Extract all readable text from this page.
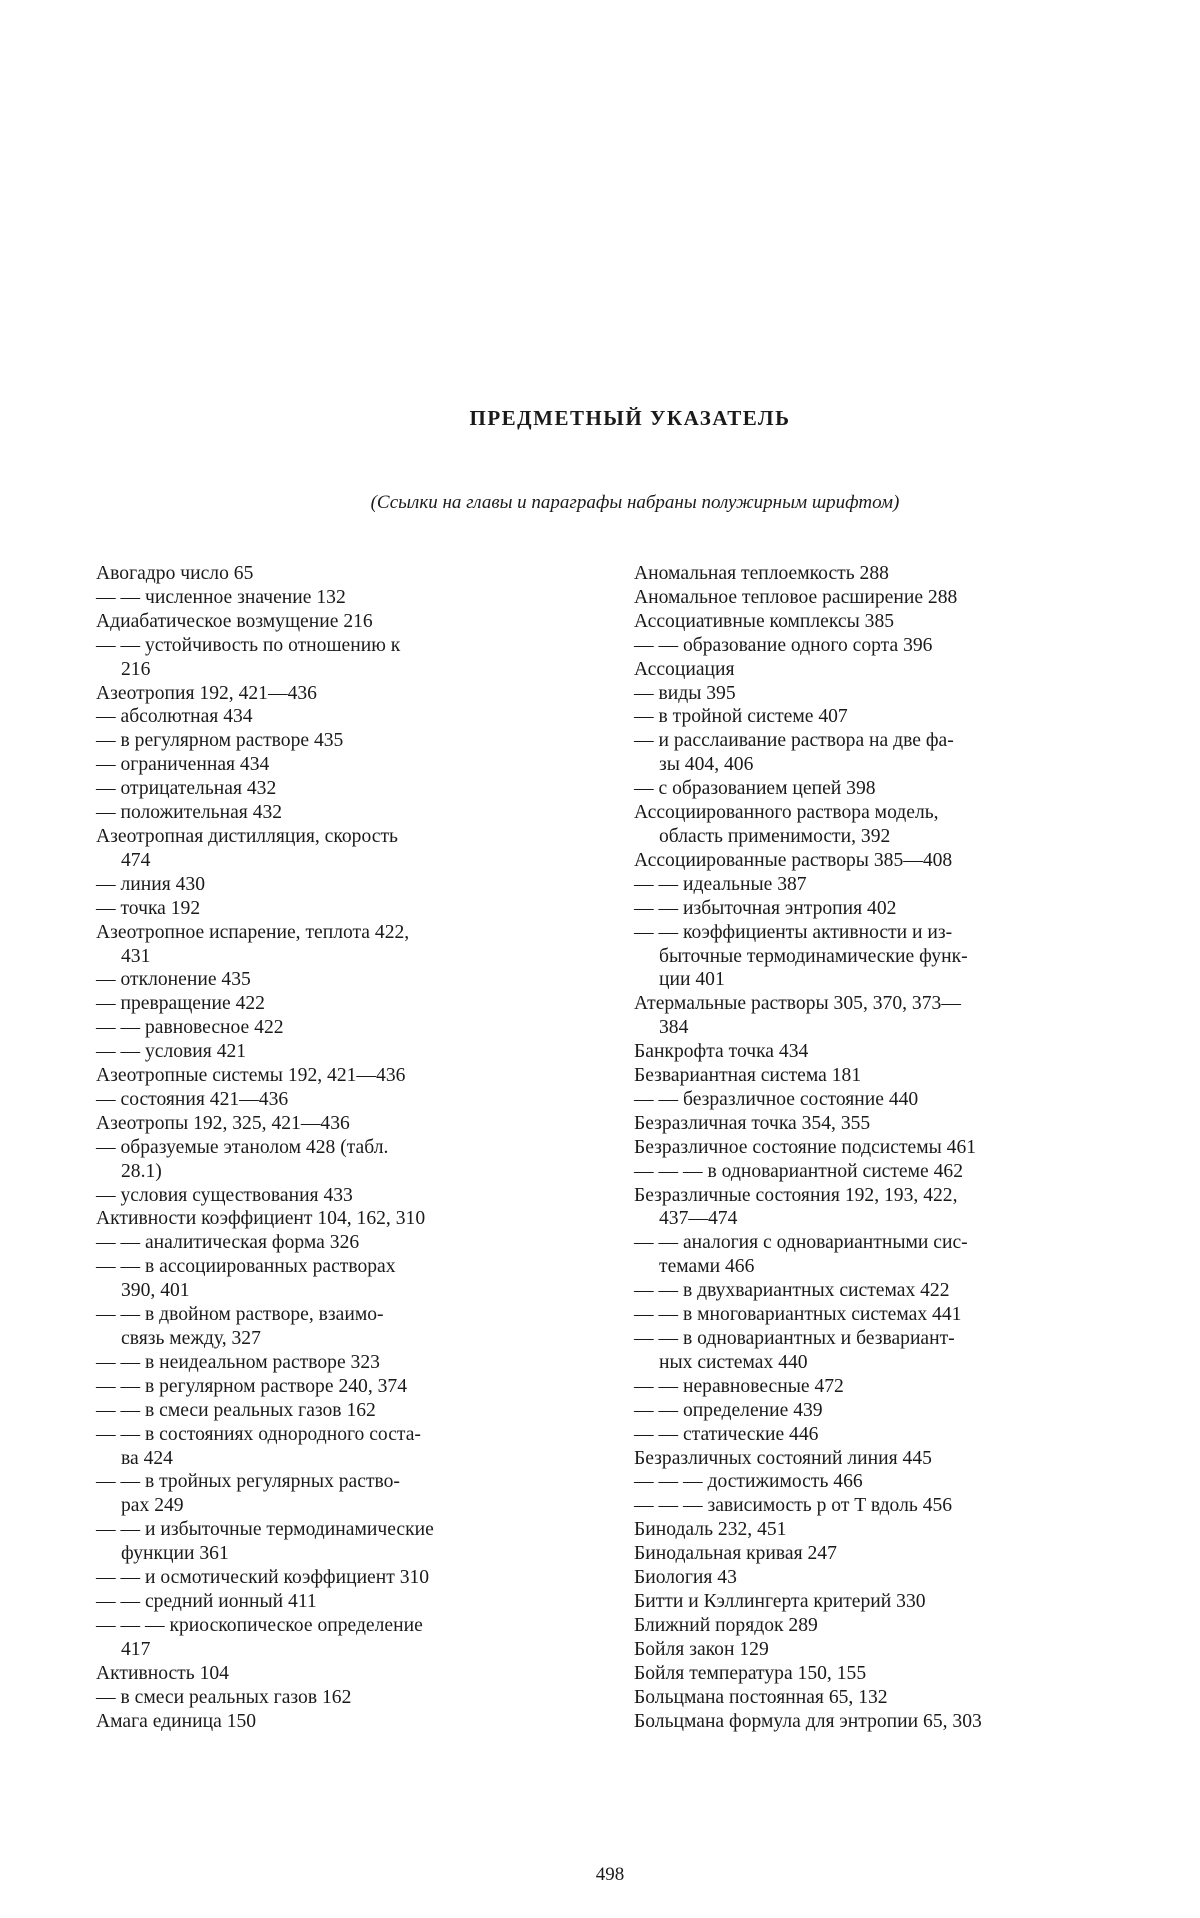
ПРЕДМЕТНЫЙ УКАЗАТЕЛЬ
(Ссылки на главы и параграфы набраны полужирным шрифтом)
Авогадро число 65
— — численное значение 132
Адиабатическое возмущение 216
— — устойчивость по отношению к
216
Азеотропия 192, 421—436
— абсолютная 434
— в регулярном растворе 435
— ограниченная 434
— отрицательная 432
— положительная 432
Азеотропная дистилляция, скорость
474
— линия 430
— точка 192
Азеотропное испарение, теплота 422,
431
— отклонение 435
— превращение 422
— — равновесное 422
— — условия 421
Азеотропные системы 192, 421—436
— состояния 421—436
Азеотропы 192, 325, 421—436
— образуемые этанолом 428 (табл.
28.1)
— условия существования 433
Активности коэффициент 104, 162, 310
— — аналитическая форма 326
— — в ассоциированных растворах
390, 401
— — в двойном растворе, взаимо-
связь между, 327
— — в неидеальном растворе 323
— — в регулярном растворе 240, 374
— — в смеси реальных газов 162
— — в состояниях однородного соста-
ва 424
— — в тройных регулярных раство-
рах 249
— — и избыточные термодинамические
функции 361
— — и осмотический коэффициент 310
— — средний ионный 411
— — — криоскопическое определение
417
Активность 104
— в смеси реальных газов 162
Амага единица 150
Аномальная теплоемкость 288
Аномальное тепловое расширение 288
Ассоциативные комплексы 385
— — образование одного сорта 396
Ассоциация
— виды 395
— в тройной системе 407
— и расслаивание раствора на две фа-
зы 404, 406
— с образованием цепей 398
Ассоциированного раствора модель,
область применимости, 392
Ассоциированные растворы 385—408
— — идеальные 387
— — избыточная энтропия 402
— — коэффициенты активности и из-
быточные термодинамические функ-
ции 401
Атермальные растворы 305, 370, 373—
384
Банкрофта точка 434
Безвариантная система 181
— — безразличное состояние 440
Безразличная точка 354, 355
Безразличное состояние подсистемы 461
— — — в одновариантной системе 462
Безразличные состояния 192, 193, 422,
437—474
— — аналогия с одновариантными сис-
темами 466
— — в двухвариантных системах 422
— — в многовариантных системах 441
— — в одновариантных и безвариант-
ных системах 440
— — неравновесные 472
— — определение 439
— — статические 446
Безразличных состояний линия 445
— — — достижимость 466
— — — зависимость p от T вдоль 456
Бинодаль 232, 451
Бинодальная кривая 247
Биология 43
Битти и Кэллингерта критерий 330
Ближний порядок 289
Бойля закон 129
Бойля температура 150, 155
Больцмана постоянная 65, 132
Больцмана формула для энтропии 65, 303
498
